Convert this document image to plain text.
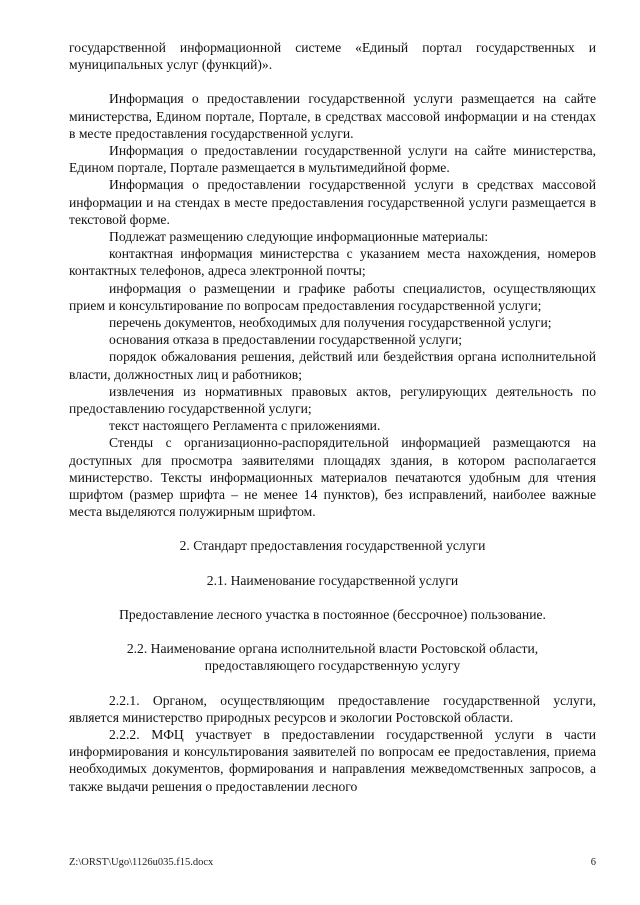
государственной информационной системе «Единый портал государственных и муниципальных услуг (функций)».

Информация о предоставлении государственной услуги размещается на сайте министерства, Едином портале, Портале, в средствах массовой информации и на стендах в месте предоставления государственной услуги.

Информация о предоставлении государственной услуги на сайте министерства, Едином портале, Портале размещается в мультимедийной форме.

Информация о предоставлении государственной услуги в средствах массовой информации и на стендах в месте предоставления государственной услуги размещается в текстовой форме.

Подлежат размещению следующие информационные материалы:

контактная информация министерства с указанием места нахождения, номеров контактных телефонов, адреса электронной почты;

информация о размещении и графике работы специалистов, осуществляющих прием и консультирование по вопросам предоставления государственной услуги;

перечень документов, необходимых для получения государственной услуги;

основания отказа в предоставлении государственной услуги;

порядок обжалования решения, действий или бездействия органа исполнительной власти, должностных лиц и работников;

извлечения из нормативных правовых актов, регулирующих деятельность по предоставлению государственной услуги;

текст настоящего Регламента с приложениями.

Стенды с организационно-распорядительной информацией размещаются на доступных для просмотра заявителями площадях здания, в котором располагается министерство. Тексты информационных материалов печатаются удобным для чтения шрифтом (размер шрифта – не менее 14 пунктов), без исправлений, наиболее важные места выделяются полужирным шрифтом.

2. Стандарт предоставления государственной услуги

2.1. Наименование государственной услуги

Предоставление лесного участка в постоянное (бессрочное) пользование.

2.2. Наименование органа исполнительной власти Ростовской области,

предоставляющего государственную услугу

2.2.1. Органом, осуществляющим предоставление государственной услуги, является министерство природных ресурсов и экологии Ростовской области.

2.2.2. МФЦ участвует в предоставлении государственной услуги в части информирования и консультирования заявителей по вопросам ее предоставления, приема необходимых документов, формирования и направления межведомственных запросов, а также выдачи решения о предоставлении лесного

Z:\ORST\Ugo\1126u035.f15.docx	6
